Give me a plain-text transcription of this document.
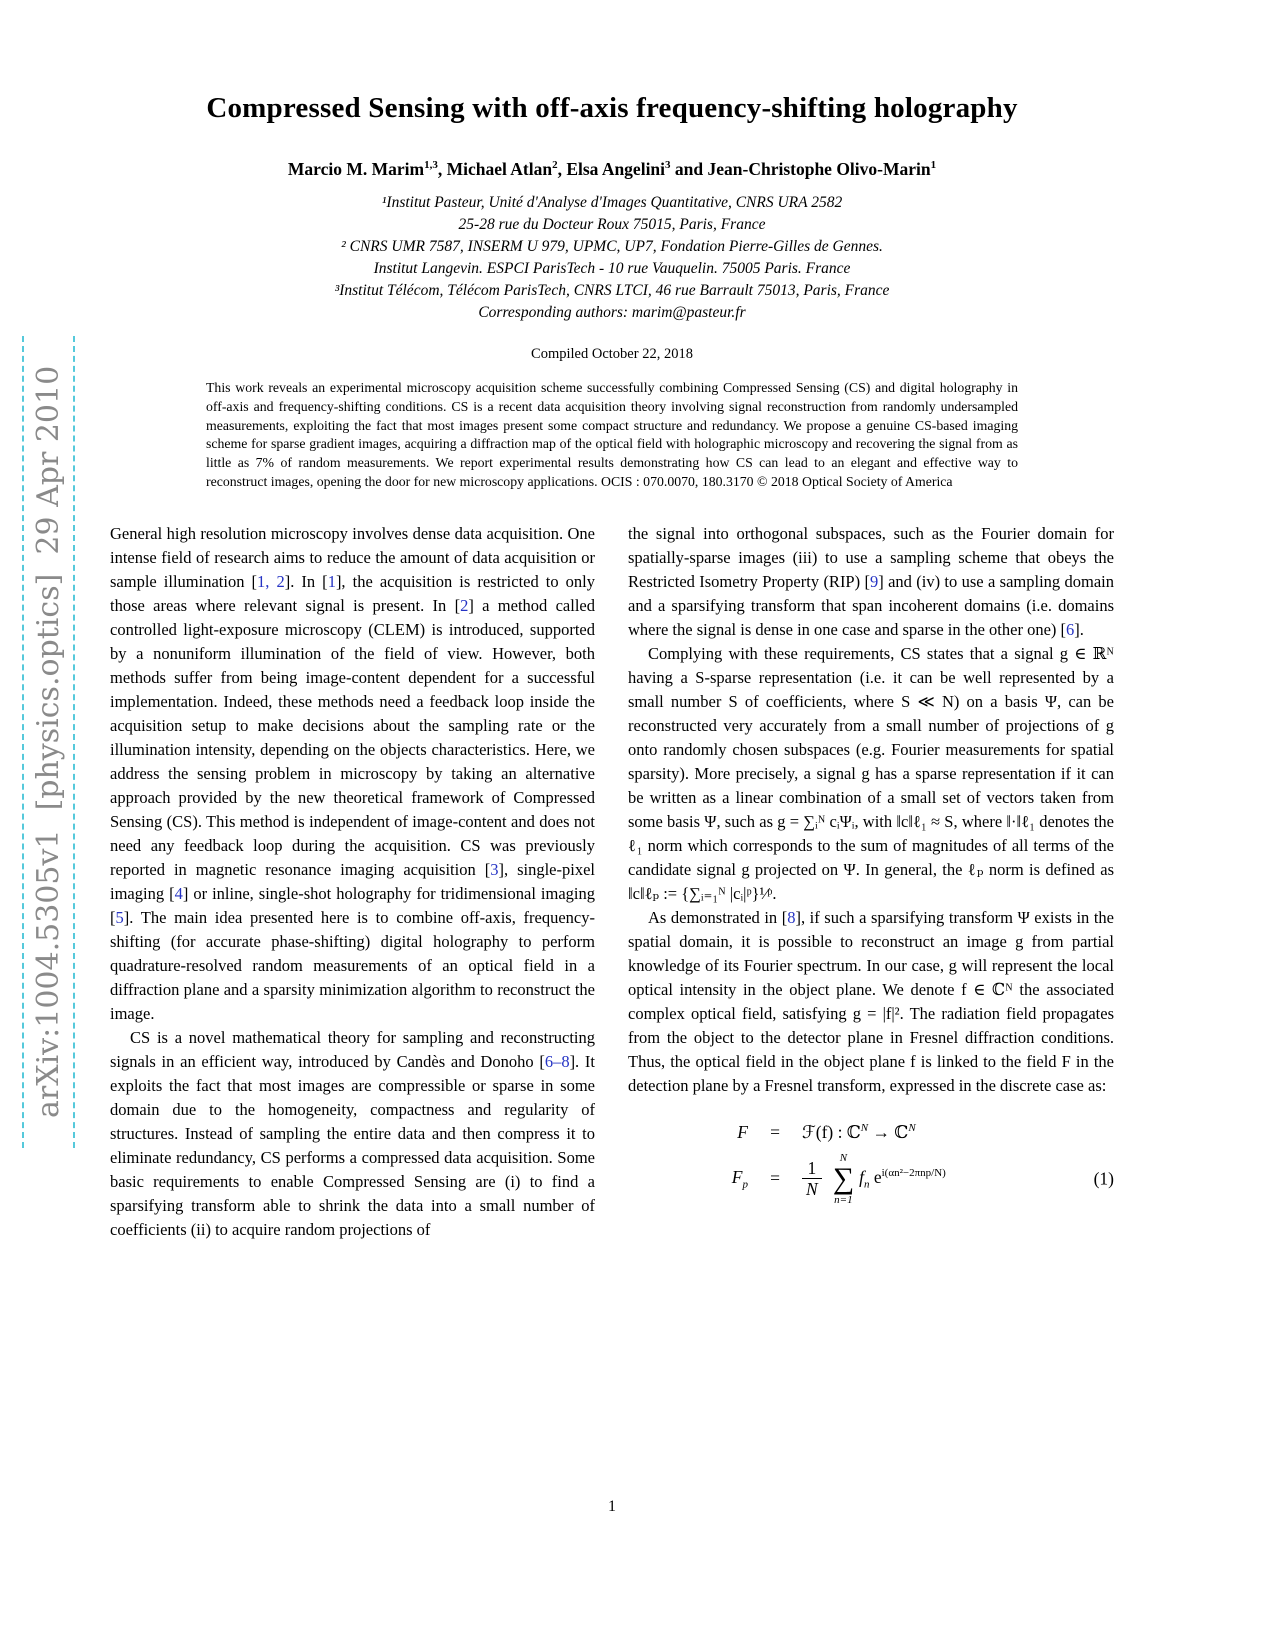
arXiv:1004.5305v1  [physics.optics]  29 Apr 2010
Compressed Sensing with off-axis frequency-shifting holography
Marcio M. Marim$^{1,3}$, Michael Atlan$^2$, Elsa Angelini$^3$ and Jean-Christophe Olivo-Marin$^1$
¹Institut Pasteur, Unité d'Analyse d'Images Quantitative, CNRS URA 2582
25-28 rue du Docteur Roux 75015, Paris, France
² CNRS UMR 7587, INSERM U 979, UPMC, UP7, Fondation Pierre-Gilles de Gennes.
Institut Langevin. ESPCI ParisTech - 10 rue Vauquelin. 75005 Paris. France
³Institut Télécom, Télécom ParisTech, CNRS LTCI, 46 rue Barrault 75013, Paris, France
Corresponding authors: marim@pasteur.fr
Compiled October 22, 2018

This work reveals an experimental microscopy acquisition scheme successfully combining Compressed Sensing (CS) and digital holography in off-axis and frequency-shifting conditions. CS is a recent data acquisition theory involving signal reconstruction from randomly undersampled measurements, exploiting the fact that most images present some compact structure and redundancy. We propose a genuine CS-based imaging scheme for sparse gradient images, acquiring a diffraction map of the optical field with holographic microscopy and recovering the signal from as little as 7% of random measurements. We report experimental results demonstrating how CS can lead to an elegant and effective way to reconstruct images, opening the door for new microscopy applications. OCIS : 070.0070, 180.3170 © 2018 Optical Society of America

General high resolution microscopy involves dense data acquisition. One intense field of research aims to reduce the amount of data acquisition or sample illumination [1, 2]. In [1], the acquisition is restricted to only those areas where relevant signal is present. In [2] a method called controlled light-exposure microscopy (CLEM) is introduced, supported by a nonuniform illumination of the field of view. However, both methods suffer from being image-content dependent for a successful implementation. Indeed, these methods need a feedback loop inside the acquisition setup to make decisions about the sampling rate or the illumination intensity, depending on the objects characteristics. Here, we address the sensing problem in microscopy by taking an alternative approach provided by the new theoretical framework of Compressed Sensing (CS). This method is independent of image-content and does not need any feedback loop during the acquisition. CS was previously reported in magnetic resonance imaging acquisition [3], single-pixel imaging [4] or inline, single-shot holography for tridimensional imaging [5]. The main idea presented here is to combine off-axis, frequency-shifting (for accurate phase-shifting) digital holography to perform quadrature-resolved random measurements of an optical field in a diffraction plane and a sparsity minimization algorithm to reconstruct the image.

CS is a novel mathematical theory for sampling and reconstructing signals in an efficient way, introduced by Candès and Donoho [6–8]. It exploits the fact that most images are compressible or sparse in some domain due to the homogeneity, compactness and regularity of structures. Instead of sampling the entire data and then compress it to eliminate redundancy, CS performs a compressed data acquisition. Some basic requirements to enable Compressed Sensing are (i) to find a sparsifying transform able to shrink the data into a small number of coefficients (ii) to acquire random projections of

the signal into orthogonal subspaces, such as the Fourier domain for spatially-sparse images (iii) to use a sampling scheme that obeys the Restricted Isometry Property (RIP) [9] and (iv) to use a sampling domain and a sparsifying transform that span incoherent domains (i.e. domains where the signal is dense in one case and sparse in the other one) [6].

Complying with these requirements, CS states that a signal g ∈ ℝᴺ having a S-sparse representation (i.e. it can be well represented by a small number S of coefficients, where S ≪ N) on a basis Ψ, can be reconstructed very accurately from a small number of projections of g onto randomly chosen subspaces (e.g. Fourier measurements for spatial sparsity). More precisely, a signal g has a sparse representation if it can be written as a linear combination of a small set of vectors taken from some basis Ψ, such as g = ∑ᵢᴺ cᵢΨᵢ, with ‖c‖ℓ₁ ≈ S, where ‖·‖ℓ₁ denotes the ℓ₁ norm which corresponds to the sum of magnitudes of all terms of the candidate signal g projected on Ψ. In general, the ℓₚ norm is defined as ‖c‖ℓₚ := {∑ᵢ₌₁ᴺ |cᵢ|ᵖ}¹⁄ᵖ.

As demonstrated in [8], if such a sparsifying transform Ψ exists in the spatial domain, it is possible to reconstruct an image g from partial knowledge of its Fourier spectrum. In our case, g will represent the local optical intensity in the object plane. We denote f ∈ ℂᴺ the associated complex optical field, satisfying g = |f|². The radiation field propagates from the object to the detector plane in Fresnel diffraction conditions. Thus, the optical field in the object plane f is linked to the field F in the detection plane by a Fresnel transform, expressed in the discrete case as:

F	=	ℱ(f) : ℂ$^N$ → ℂ$^N$
$F_p$	=	$\frac{1}{N}$
N
∑
n=1
$f_n$ $e^{i(\alpha n^2-2\pi np/N)}$	(1)
1
